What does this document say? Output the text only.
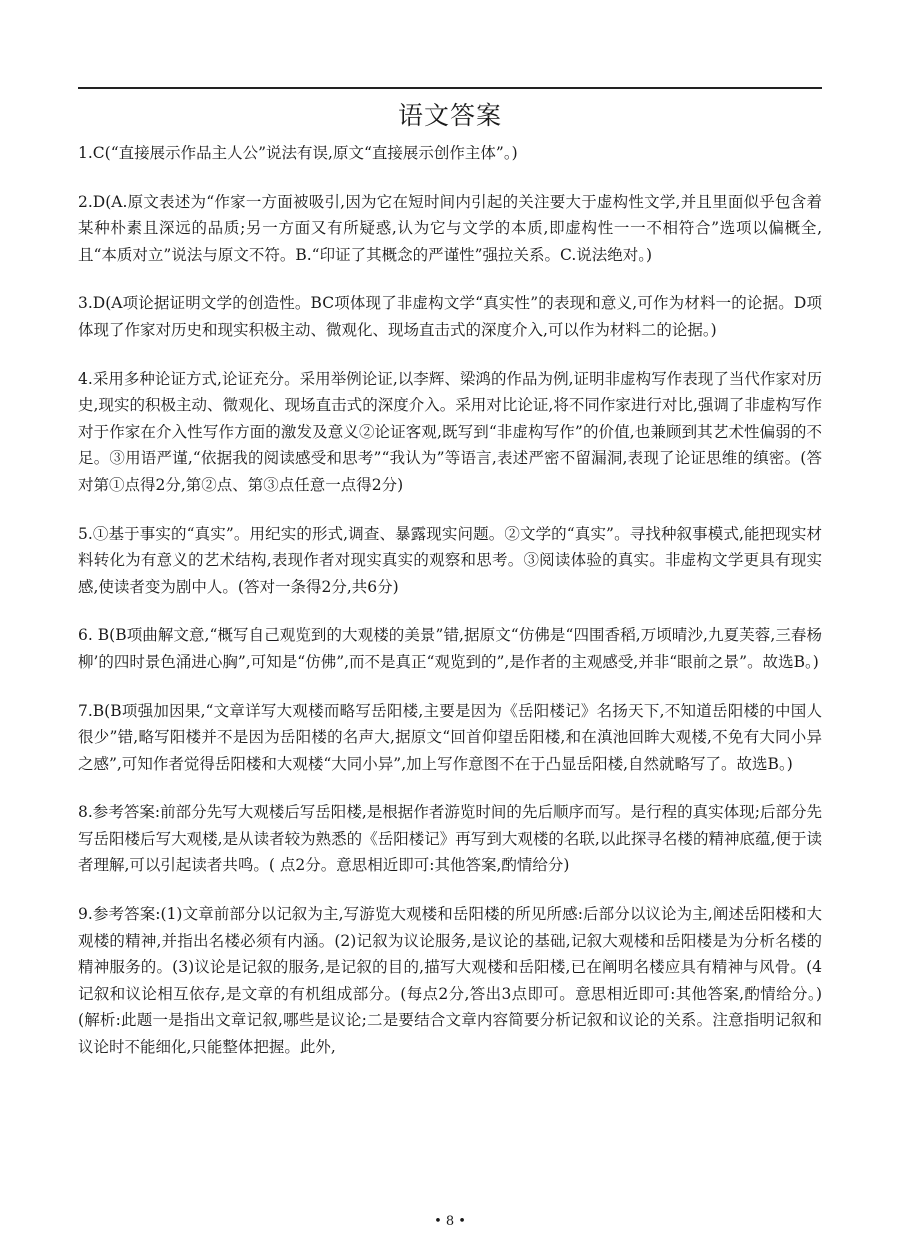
语文答案

1.C(“直接展示作品主人公”说法有误,原文“直接展示创作主体”。)

2.D(A.原文表述为“作家一方面被吸引,因为它在短时间内引起的关注要大于虚构性文学,并且里面似乎包含着某种朴素且深远的品质;另一方面又有所疑惑,认为它与文学的本质,即虚构性一一不相符合”选项以偏概全,且“本质对立”说法与原文不符。B.“印证了其概念的严谨性”强拉关系。C.说法绝对。)

3.D(A项论据证明文学的创造性。BC项体现了非虚构文学“真实性”的表现和意义,可作为材料一的论据。D项体现了作家对历史和现实积极主动、微观化、现场直击式的深度介入,可以作为材料二的论据。)

4.采用多种论证方式,论证充分。采用举例论证,以李辉、梁鸿的作品为例,证明非虚构写作表现了当代作家对历史,现实的积极主动、微观化、现场直击式的深度介入。采用对比论证,将不同作家进行对比,强调了非虚构写作对于作家在介入性写作方面的激发及意义②论证客观,既写到“非虚构写作”的价值,也兼顾到其艺术性偏弱的不足。③用语严谨,“依据我的阅读感受和思考”“我认为”等语言,表述严密不留漏洞,表现了论证思维的缜密。(答对第①点得2分,第②点、第③点任意一点得2分)

5.①基于事实的“真实”。用纪实的形式,调查、暴露现实问题。②文学的“真实”。寻找种叙事模式,能把现实材料转化为有意义的艺术结构,表现作者对现实真实的观察和思考。③阅读体验的真实。非虚构文学更具有现实感,使读者变为剧中人。(答对一条得2分,共6分)

6. B(B项曲解文意,“概写自己观览到的大观楼的美景”错,据原文“仿佛是“四围香稻,万顷晴沙,九夏芙蓉,三春杨柳’的四时景色涌进心胸”,可知是“仿佛”,而不是真正“观览到的”,是作者的主观感受,并非“眼前之景”。故选B。)

7.B(B项强加因果,“文章详写大观楼而略写岳阳楼,主要是因为《岳阳楼记》名扬天下,不知道岳阳楼的中国人很少”错,略写阳楼并不是因为岳阳楼的名声大,据原文“回首仰望岳阳楼,和在滇池回眸大观楼,不免有大同小异之感”,可知作者觉得岳阳楼和大观楼“大同小异”,加上写作意图不在于凸显岳阳楼,自然就略写了。故选B。)

8.参考答案:前部分先写大观楼后写岳阳楼,是根据作者游览时间的先后顺序而写。是行程的真实体现;后部分先写岳阳楼后写大观楼,是从读者较为熟悉的《岳阳楼记》再写到大观楼的名联,以此探寻名楼的精神底蕴,便于读者理解,可以引起读者共鸣。( 点2分。意思相近即可:其他答案,酌情给分)

9.参考答案:(1)文章前部分以记叙为主,写游览大观楼和岳阳楼的所见所感:后部分以议论为主,阐述岳阳楼和大观楼的精神,并指出名楼必须有内涵。(2)记叙为议论服务,是议论的基础,记叙大观楼和岳阳楼是为分析名楼的精神服务的。(3)议论是记叙的服务,是记叙的目的,描写大观楼和岳阳楼,已在阐明名楼应具有精神与风骨。(4记叙和议论相互依存,是文章的有机组成部分。(每点2分,答出3点即可。意思相近即可:其他答案,酌情给分。)(解析:此题一是指出文章记叙,哪些是议论;二是要结合文章内容简要分析记叙和议论的关系。注意指明记叙和议论时不能细化,只能整体把握。此外,

• 8 •
